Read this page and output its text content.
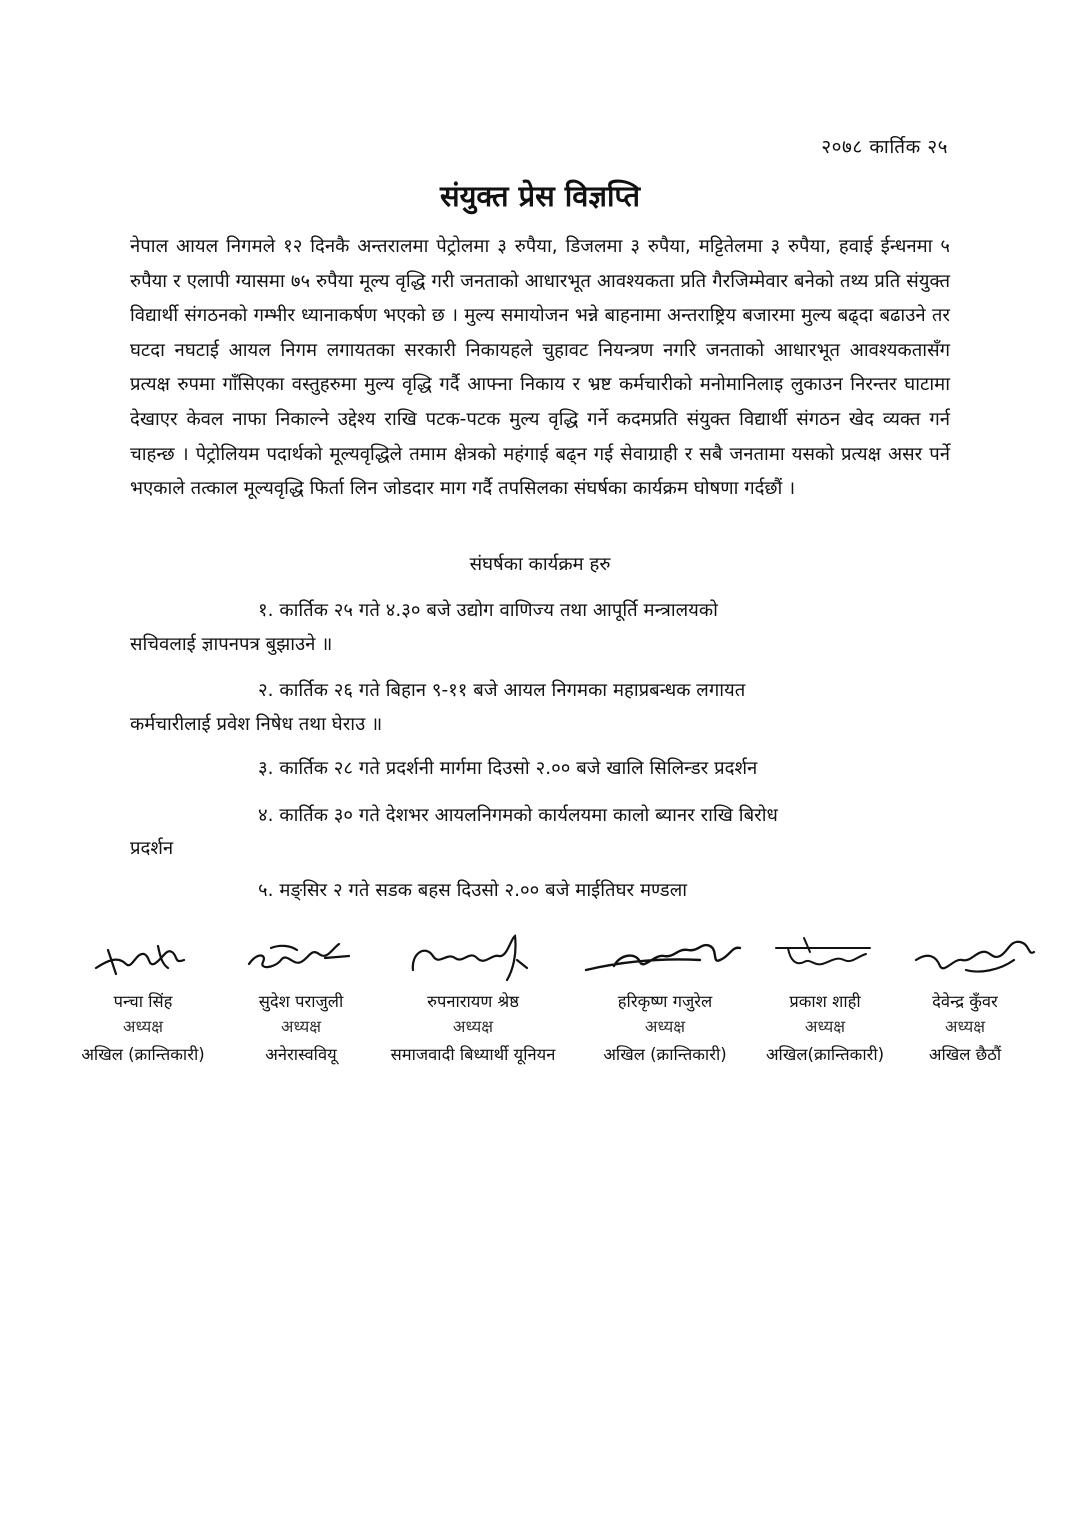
२०७८ कार्तिक २५
संयुक्त प्रेस विज्ञप्ति

नेपाल आयल निगमले १२ दिनकै अन्तरालमा पेट्रोलमा ३ रुपैया, डिजलमा ३ रुपैया, मट्टितेलमा ३ रुपैया, हवाई ईन्धनमा ५ रुपैया र एलापी ग्यासमा ७५ रुपैया मूल्य वृद्धि गरी जनताको आधारभूत आवश्यकता प्रति गैरजिम्मेवार बनेको तथ्य प्रति संयुक्त विद्यार्थी संगठनको गम्भीर ध्यानाकर्षण भएको छ । मुल्य समायोजन भन्ने बाहनामा अन्तराष्ट्रिय बजारमा मुल्य बढ्दा बढाउने तर घटदा नघटाई आयल निगम लगायतका सरकारी निकायहले चुहावट नियन्त्रण नगरि जनताको आधारभूत आवश्यकतासँग प्रत्यक्ष रुपमा गाँसिएका वस्तुहरुमा मुल्य वृद्धि गर्दै आफ्ना निकाय र भ्रष्ट कर्मचारीको मनोमानिलाइ लुकाउन निरन्तर घाटामा देखाएर केवल नाफा निकाल्ने उद्देश्य राखि पटक-पटक मुल्य वृद्धि गर्ने कदमप्रति संयुक्त विद्यार्थी संगठन खेद व्यक्त गर्न चाहन्छ । पेट्रोलियम पदार्थको मूल्यवृद्धिले तमाम क्षेत्रको महंगाई बढ्न गई सेवाग्राही र सबै जनतामा यसको प्रत्यक्ष असर पर्ने भएकाले तत्काल मूल्यवृद्धि फिर्ता लिन जोडदार माग गर्दै तपसिलका संघर्षका कार्यक्रम घोषणा गर्दछौं ।

संघर्षका कार्यक्रम हरु
१. कार्तिक २५ गते ४.३० बजे उद्योग वाणिज्य तथा आपूर्ति मन्त्रालयको
सचिवलाई ज्ञापनपत्र बुझाउने ॥
२. कार्तिक २६ गते बिहान ९-११ बजे आयल निगमका महाप्रबन्धक लगायत
कर्मचारीलाई प्रवेश निषेध तथा घेराउ ॥
३. कार्तिक २८ गते प्रदर्शनी मार्गमा दिउसो २.०० बजे खालि सिलिन्डर प्रदर्शन
४. कार्तिक ३० गते देशभर आयलनिगमको कार्यलयमा कालो ब्यानर राखि बिरोध
प्रदर्शन
५. मङ्सिर २ गते सडक बहस दिउसो २.०० बजे माईतिघर मण्डला
पन्चा सिंह
अध्यक्ष
अखिल (क्रान्तिकारी)
सुदेश पराजुली
अध्यक्ष
अनेरास्ववियू
रुपनारायण श्रेष्ठ
अध्यक्ष
समाजवादी बिध्यार्थी यूनियन
हरिकृष्ण गजुरेल
अध्यक्ष
अखिल (क्रान्तिकारी)
प्रकाश शाही
अध्यक्ष
अखिल(क्रान्तिकारी)
देवेन्द्र कुँवर
अध्यक्ष
अखिल छैठौं
